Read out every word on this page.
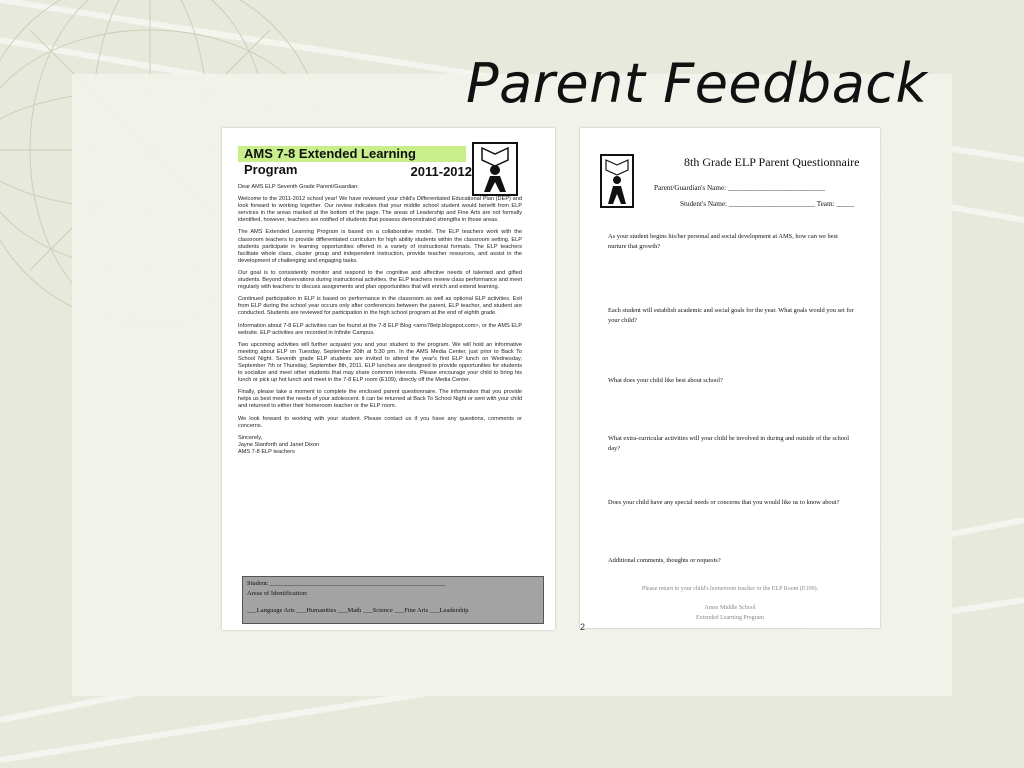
Parent Feedback
AMS 7-8 Extended Learning Program	2011-2012

Dear AMS ELP Seventh Grade Parent/Guardian:

Welcome to the 2011-2012 school year! We have reviewed your child's Differentiated Educational Plan (DEP) and look forward to working together. Our review indicates that your middle school student would benefit from ELP services in the areas marked at the bottom of the page. The areas of Leadership and Fine Arts are not formally identified, however, teachers are notified of students that possess demonstrated strengths in those areas.

The AMS Extended Learning Program is based on a collaborative model. The ELP teachers work with the classroom teachers to provide differentiated curriculum for high ability students within the classroom setting. ELP students participate in learning opportunities offered in a variety of instructional formats. The ELP teachers facilitate whole class, cluster group and independent instruction, provide teacher resources, and assist in the development of challenging and engaging tasks.

Our goal is to consistently monitor and respond to the cognitive and affective needs of talented and gifted students. Beyond observations during instructional activities, the ELP teachers review class performance and meet regularly with teachers to discuss assignments and plan opportunities that will enrich and extend learning.

Continued participation in ELP is based on performance in the classroom as well as optional ELP activities. Exit from ELP during the school year occurs only after conferences between the parent, ELP teacher, and student are conducted. Students are reviewed for participation in the high school program at the end of eighth grade.

Information about 7-8 ELP activities can be found at the 7-8 ELP Blog <ams78elp.blogspot.com>, or the AMS ELP website. ELP activities are recorded in Infinite Campus.

Two upcoming activities will further acquaint you and your student to the program. We will hold an informative meeting about ELP on Tuesday, September 20th at 5:30 pm. In the AMS Media Center, just prior to Back To School Night. Seventh grade ELP students are invited to attend the year's first ELP lunch on Wednesday, September 7th or Thursday, September 8th, 2011. ELP lunches are designed to provide opportunities for students to socialize and meet other students that may share common interests. Please encourage your child to bring his lunch or pick up hot lunch and meet in the 7-8 ELP room (E109), directly off the Media Center.

Finally, please take a moment to complete the enclosed parent questionnaire. The information that you provide helps us best meet the needs of your adolescent. It can be returned at Back To School Night or sent with your child and returned to either their homeroom teacher or the ELP room.

We look forward to working with your student. Please contact us if you have any questions, comments or concerns.

Sincerely,
Jayne Stanforth and Janet Dixon
AMS 7-8 ELP teachers
Student: ______________________________________________________
Areas of Identification:
___Language Arts ___Humanities ___Math ___Science ___Fine Arts ___Leadership
8th Grade ELP Parent Questionnaire
Parent/Guardian's Name: ___________________________
Student's Name: ________________________ Team: _____
As your student begins his/her personal and social development at AMS, how can we best nurture that growth?
Each student will establish academic and social goals for the year. What goals would you set for your child?
What does your child like best about school?
What extra-curricular activities will your child be involved in during and outside of the school day?
Does your child have any special needs or concerns that you would like us to know about?
Additional comments, thoughts or requests?
Please return to your child's homeroom teacher or the ELP Room (E109).
Ames Middle School
Extended Learning Program
2
